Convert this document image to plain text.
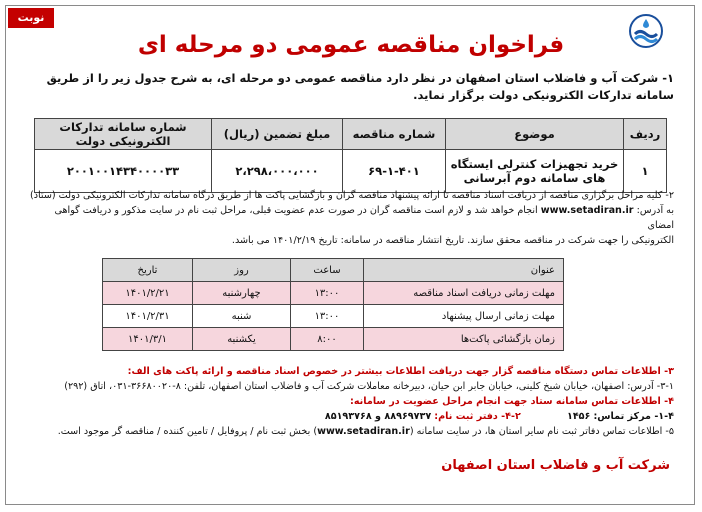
نوبت دوم	فراخوان مناقصه عمومی دو مرحله ای
۱- شرکت آب و فاضلاب استان اصفهان در نظر دارد مناقصه عمومی دو مرحله ای، به شرح جدول زیر را از طریق سامانه تدارکات الکترونیکی دولت برگزار نماید.
ردیف	موضوع	شماره مناقصه	مبلغ تضمین (ریال)	شماره سامانه تدارکات الکترونیکی دولت
۱	خرید تجهیزات کنترلی ایستگاه های سامانه دوم آبرسانی	۶۹-۱-۴۰۱	۲،۲۹۸،۰۰۰،۰۰۰	۲۰۰۱۰۰۱۴۳۴۰۰۰۰۳۳
۲- کلیه مراحل برگزاری مناقصه از دریافت اسناد مناقصه تا ارائه پیشنهاد مناقصه گران و بازگشایی پاکت ها از طریق درگاه سامانه تدارکات الکترونیکی دولت (ستاد)
به آدرس: www.setadiran.ir انجام خواهد شد و لازم است مناقصه گران در صورت عدم عضویت قبلی، مراحل ثبت نام در سایت مذکور و دریافت گواهی امضای
الکترونیکی را جهت شرکت در مناقصه محقق سازند. تاریخ انتشار مناقصه در سامانه: تاریخ ۱۴۰۱/۲/۱۹ می باشد.
عنوان	ساعت	روز	تاریخ
مهلت زمانی دریافت اسناد مناقصه	۱۳:۰۰	چهارشنبه	۱۴۰۱/۲/۲۱
مهلت زمانی ارسال پیشنهاد	۱۳:۰۰	شنبه	۱۴۰۱/۲/۳۱
زمان بازگشائی پاکت‌ها	۸:۰۰	یکشنبه	۱۴۰۱/۳/۱
۳- اطلاعات تماس دستگاه مناقصه گزار جهت دریافت اطلاعات بیشتر در خصوص اسناد مناقصه و ارائه پاکت های الف:
۳-۱- آدرس: اصفهان، خیابان شیخ کلینی، خیابان جابر ابن حیان، دبیرخانه معاملات شرکت آب و فاضلاب استان اصفهان، تلفن: ۸-۳۶۶۸۰۰۲۰-۰۳۱، اتاق (۲۹۲)
۴- اطلاعات تماس سامانه ستاد جهت انجام مراحل عضویت در سامانه:
۱-۴- مرکز تماس: ۱۴۵۶  ۲-۴- دفتر ثبت نام: ۸۸۹۶۹۷۳۷ و ۸۵۱۹۳۷۶۸
۵- اطلاعات تماس دفاتر ثبت نام سایر استان ها، در سایت سامانه (www.setadiran.ir) بخش ثبت نام / پروفایل / تامین کننده / مناقصه گر موجود است.
شرکت آب و فاضلاب استان اصفهان
